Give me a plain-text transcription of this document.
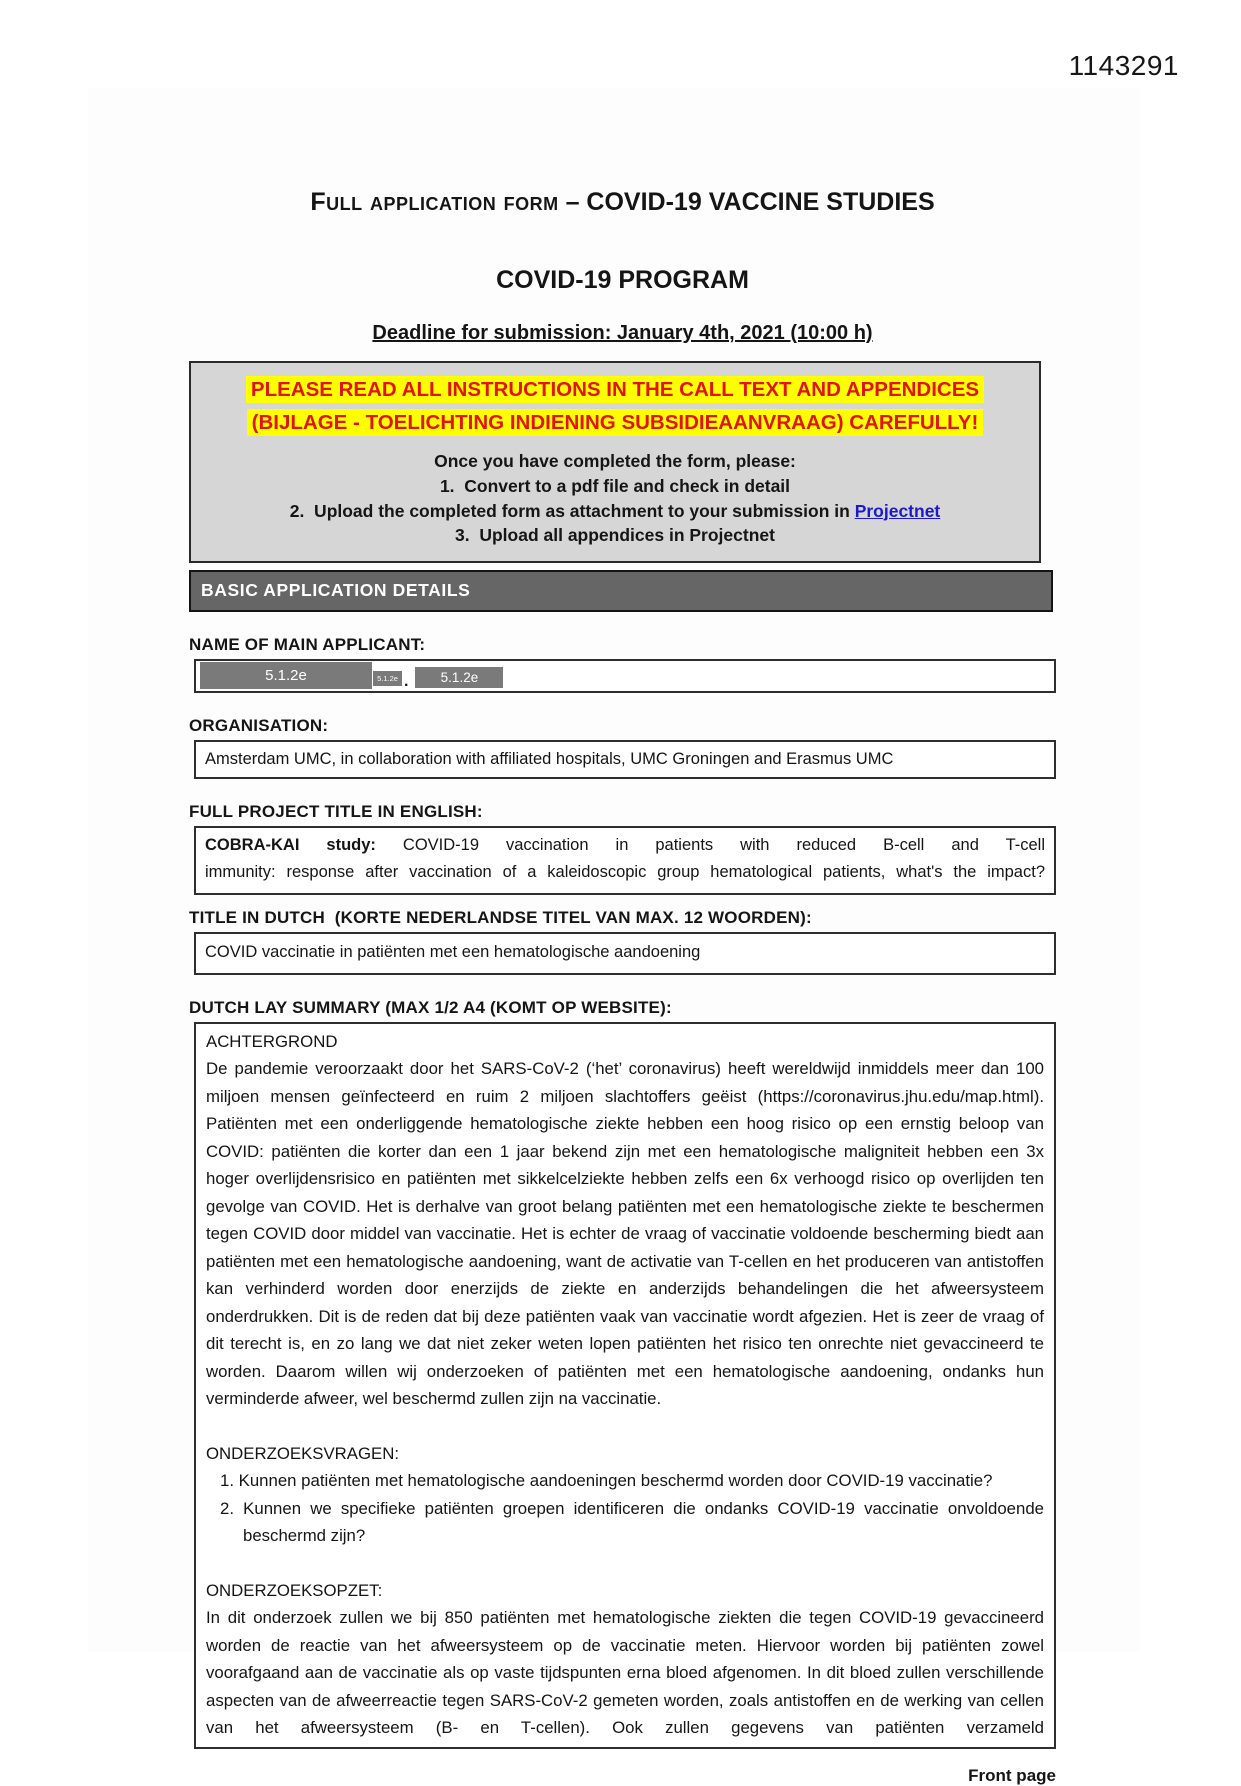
1143291
Full application form – COVID-19 VACCINE STUDIES
COVID-19 PROGRAM
Deadline for submission: January 4th, 2021 (10:00 h)
PLEASE READ ALL INSTRUCTIONS IN THE CALL TEXT AND APPENDICES
(BIJLAGE - TOELICHTING INDIENING SUBSIDIEAANVRAAG) CAREFULLY!
Once you have completed the form, please:
1.  Convert to a pdf file and check in detail
2.  Upload the completed form as attachment to your submission in Projectnet
3.  Upload all appendices in Projectnet
BASIC APPLICATION DETAILS
NAME OF MAIN APPLICANT:
5.1.2e	5.1.2e .	5.1.2e
ORGANISATION:
Amsterdam UMC, in collaboration with affiliated hospitals, UMC Groningen and Erasmus UMC
FULL PROJECT TITLE IN ENGLISH:
COBRA-KAI study: COVID-19 vaccination in patients with reduced B-cell and T-cell
immunity: response after vaccination of a kaleidoscopic group hematological patients, what's the impact?
TITLE IN DUTCH  (KORTE NEDERLANDSE TITEL VAN MAX. 12 WOORDEN):
COVID vaccinatie in patiënten met een hematologische aandoening
DUTCH LAY SUMMARY (MAX 1/2 A4 (KOMT OP WEBSITE):
ACHTERGROND

De pandemie veroorzaakt door het SARS-CoV-2 (‘het’ coronavirus) heeft wereldwijd inmiddels meer dan 100 miljoen mensen geïnfecteerd en ruim 2 miljoen slachtoffers geëist (https://coronavirus.jhu.edu/map.html). Patiënten met een onderliggende hematologische ziekte hebben een hoog risico op een ernstig beloop van COVID: patiënten die korter dan een 1 jaar bekend zijn met een hematologische maligniteit hebben een 3x hoger overlijdensrisico en patiënten met sikkelcelziekte hebben zelfs een 6x verhoogd risico op overlijden ten gevolge van COVID. Het is derhalve van groot belang patiënten met een hematologische ziekte te beschermen tegen COVID door middel van vaccinatie. Het is echter de vraag of vaccinatie voldoende bescherming biedt aan patiënten met een hematologische aandoening, want de activatie van T-cellen en het produceren van antistoffen kan verhinderd worden door enerzijds de ziekte en anderzijds behandelingen die het afweersysteem onderdrukken. Dit is de reden dat bij deze patiënten vaak van vaccinatie wordt afgezien. Het is zeer de vraag of dit terecht is, en zo lang we dat niet zeker weten lopen patiënten het risico ten onrechte niet gevaccineerd te worden. Daarom willen wij onderzoeken of patiënten met een hematologische aandoening, ondanks hun verminderde afweer, wel beschermd zullen zijn na vaccinatie.

ONDERZOEKSVRAGEN:
1. Kunnen patiënten met hematologische aandoeningen beschermd worden door COVID-19 vaccinatie?
2. Kunnen we specifieke patiënten groepen identificeren die ondanks COVID-19 vaccinatie onvoldoende beschermd zijn?
ONDERZOEKSOPZET:

In dit onderzoek zullen we bij 850 patiënten met hematologische ziekten die tegen COVID-19 gevaccineerd worden de reactie van het afweersysteem op de vaccinatie meten. Hiervoor worden bij patiënten zowel voorafgaand aan de vaccinatie als op vaste tijdspunten erna bloed afgenomen. In dit bloed zullen verschillende aspecten van de afweerreactie tegen SARS-CoV-2 gemeten worden, zoals antistoffen en de werking van cellen van het afweersysteem (B- en T-cellen). Ook zullen gegevens van patiënten verzameld

Front page
